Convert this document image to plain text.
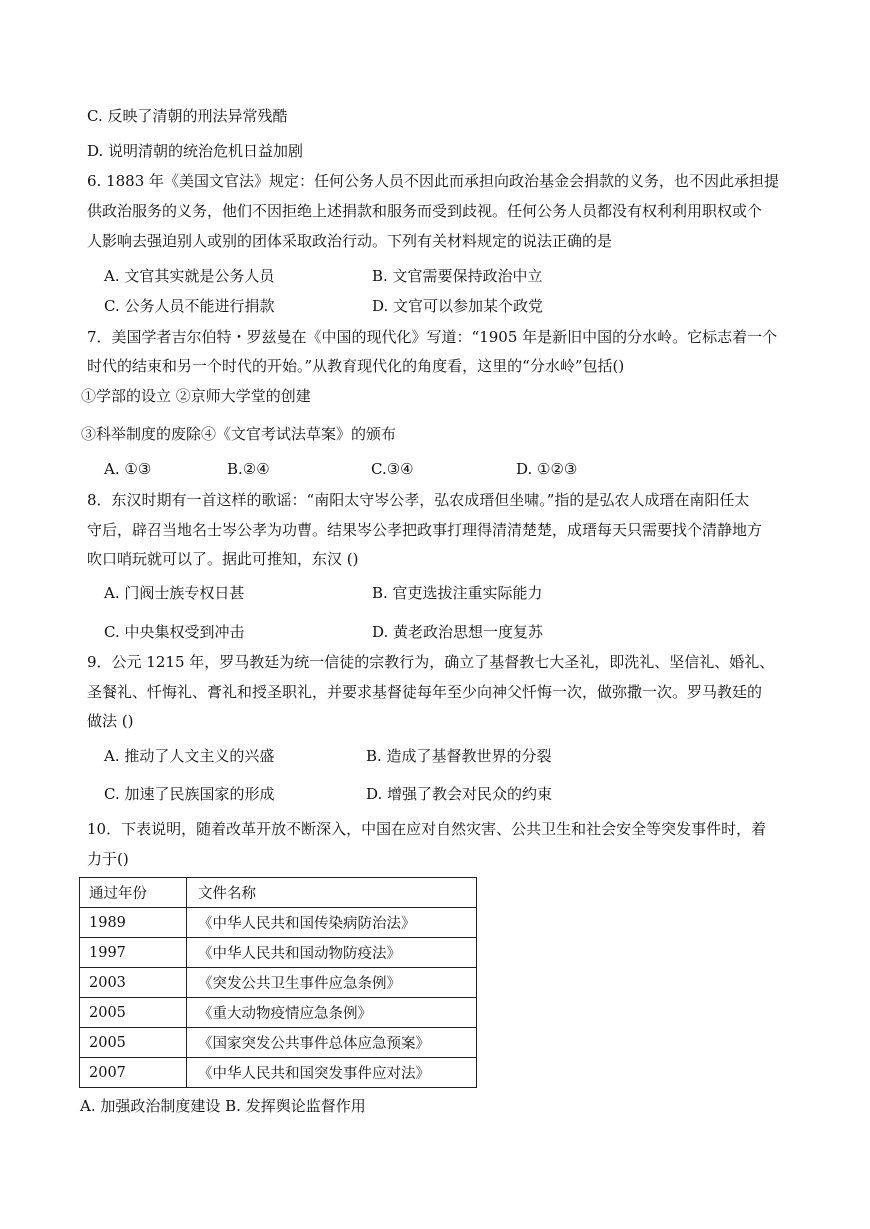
C. 反映了清朝的刑法异常残酷
D. 说明清朝的统治危机日益加剧
6. 1883 年《美国文官法》规定：任何公务人员不因此而承担向政治基金会捐款的义务，也不因此承担提
供政治服务的义务，他们不因拒绝上述捐款和服务而受到歧视。任何公务人员都没有权利利用职权或个
人影响去强迫别人或别的团体采取政治行动。下列有关材料规定的说法正确的是
A. 文官其实就是公务人员	B. 文官需要保持政治中立
C. 公务人员不能进行捐款	D. 文官可以参加某个政党
7．美国学者吉尔伯特・罗兹曼在《中国的现代化》写道：“1905 年是新旧中国的分水岭。它标志着一个
时代的结束和另一个时代的开始。”从教育现代化的角度看，这里的“分水岭”包括()
①学部的设立 ②京师大学堂的创建
③科举制度的废除④《文官考试法草案》的颁布
A. ①③	B.②④	C.③④	D. ①②③
8．东汉时期有一首这样的歌谣：“南阳太守岑公孝，弘农成瑨但坐啸。”指的是弘农人成瑨在南阳任太
守后，辟召当地名士岑公孝为功曹。结果岑公孝把政事打理得清清楚楚，成瑨每天只需要找个清静地方
吹口哨玩就可以了。据此可推知，东汉 ()
A. 门阀士族专权日甚	B. 官吏选拔注重实际能力
C. 中央集权受到冲击	D. 黄老政治思想一度复苏
9．公元 1215 年，罗马教廷为统一信徒的宗教行为，确立了基督教七大圣礼，即洗礼、坚信礼、婚礼、
圣餐礼、忏悔礼、膏礼和授圣职礼，并要求基督徒每年至少向神父忏悔一次，做弥撒一次。罗马教廷的
做法 ()
A. 推动了人文主义的兴盛	B. 造成了基督教世界的分裂
C. 加速了民族国家的形成	D. 增强了教会对民众的约束
10．下表说明，随着改革开放不断深入，中国在应对自然灾害、公共卫生和社会安全等突发事件时，着
力于()
通过年份	文件名称
1989	《中华人民共和国传染病防治法》
1997	《中华人民共和国动物防疫法》
2003	《突发公共卫生事件应急条例》
2005	《重大动物疫情应急条例》
2005	《国家突发公共事件总体应急预案》
2007	《中华人民共和国突发事件应对法》
A. 加强政治制度建设 B. 发挥舆论监督作用
